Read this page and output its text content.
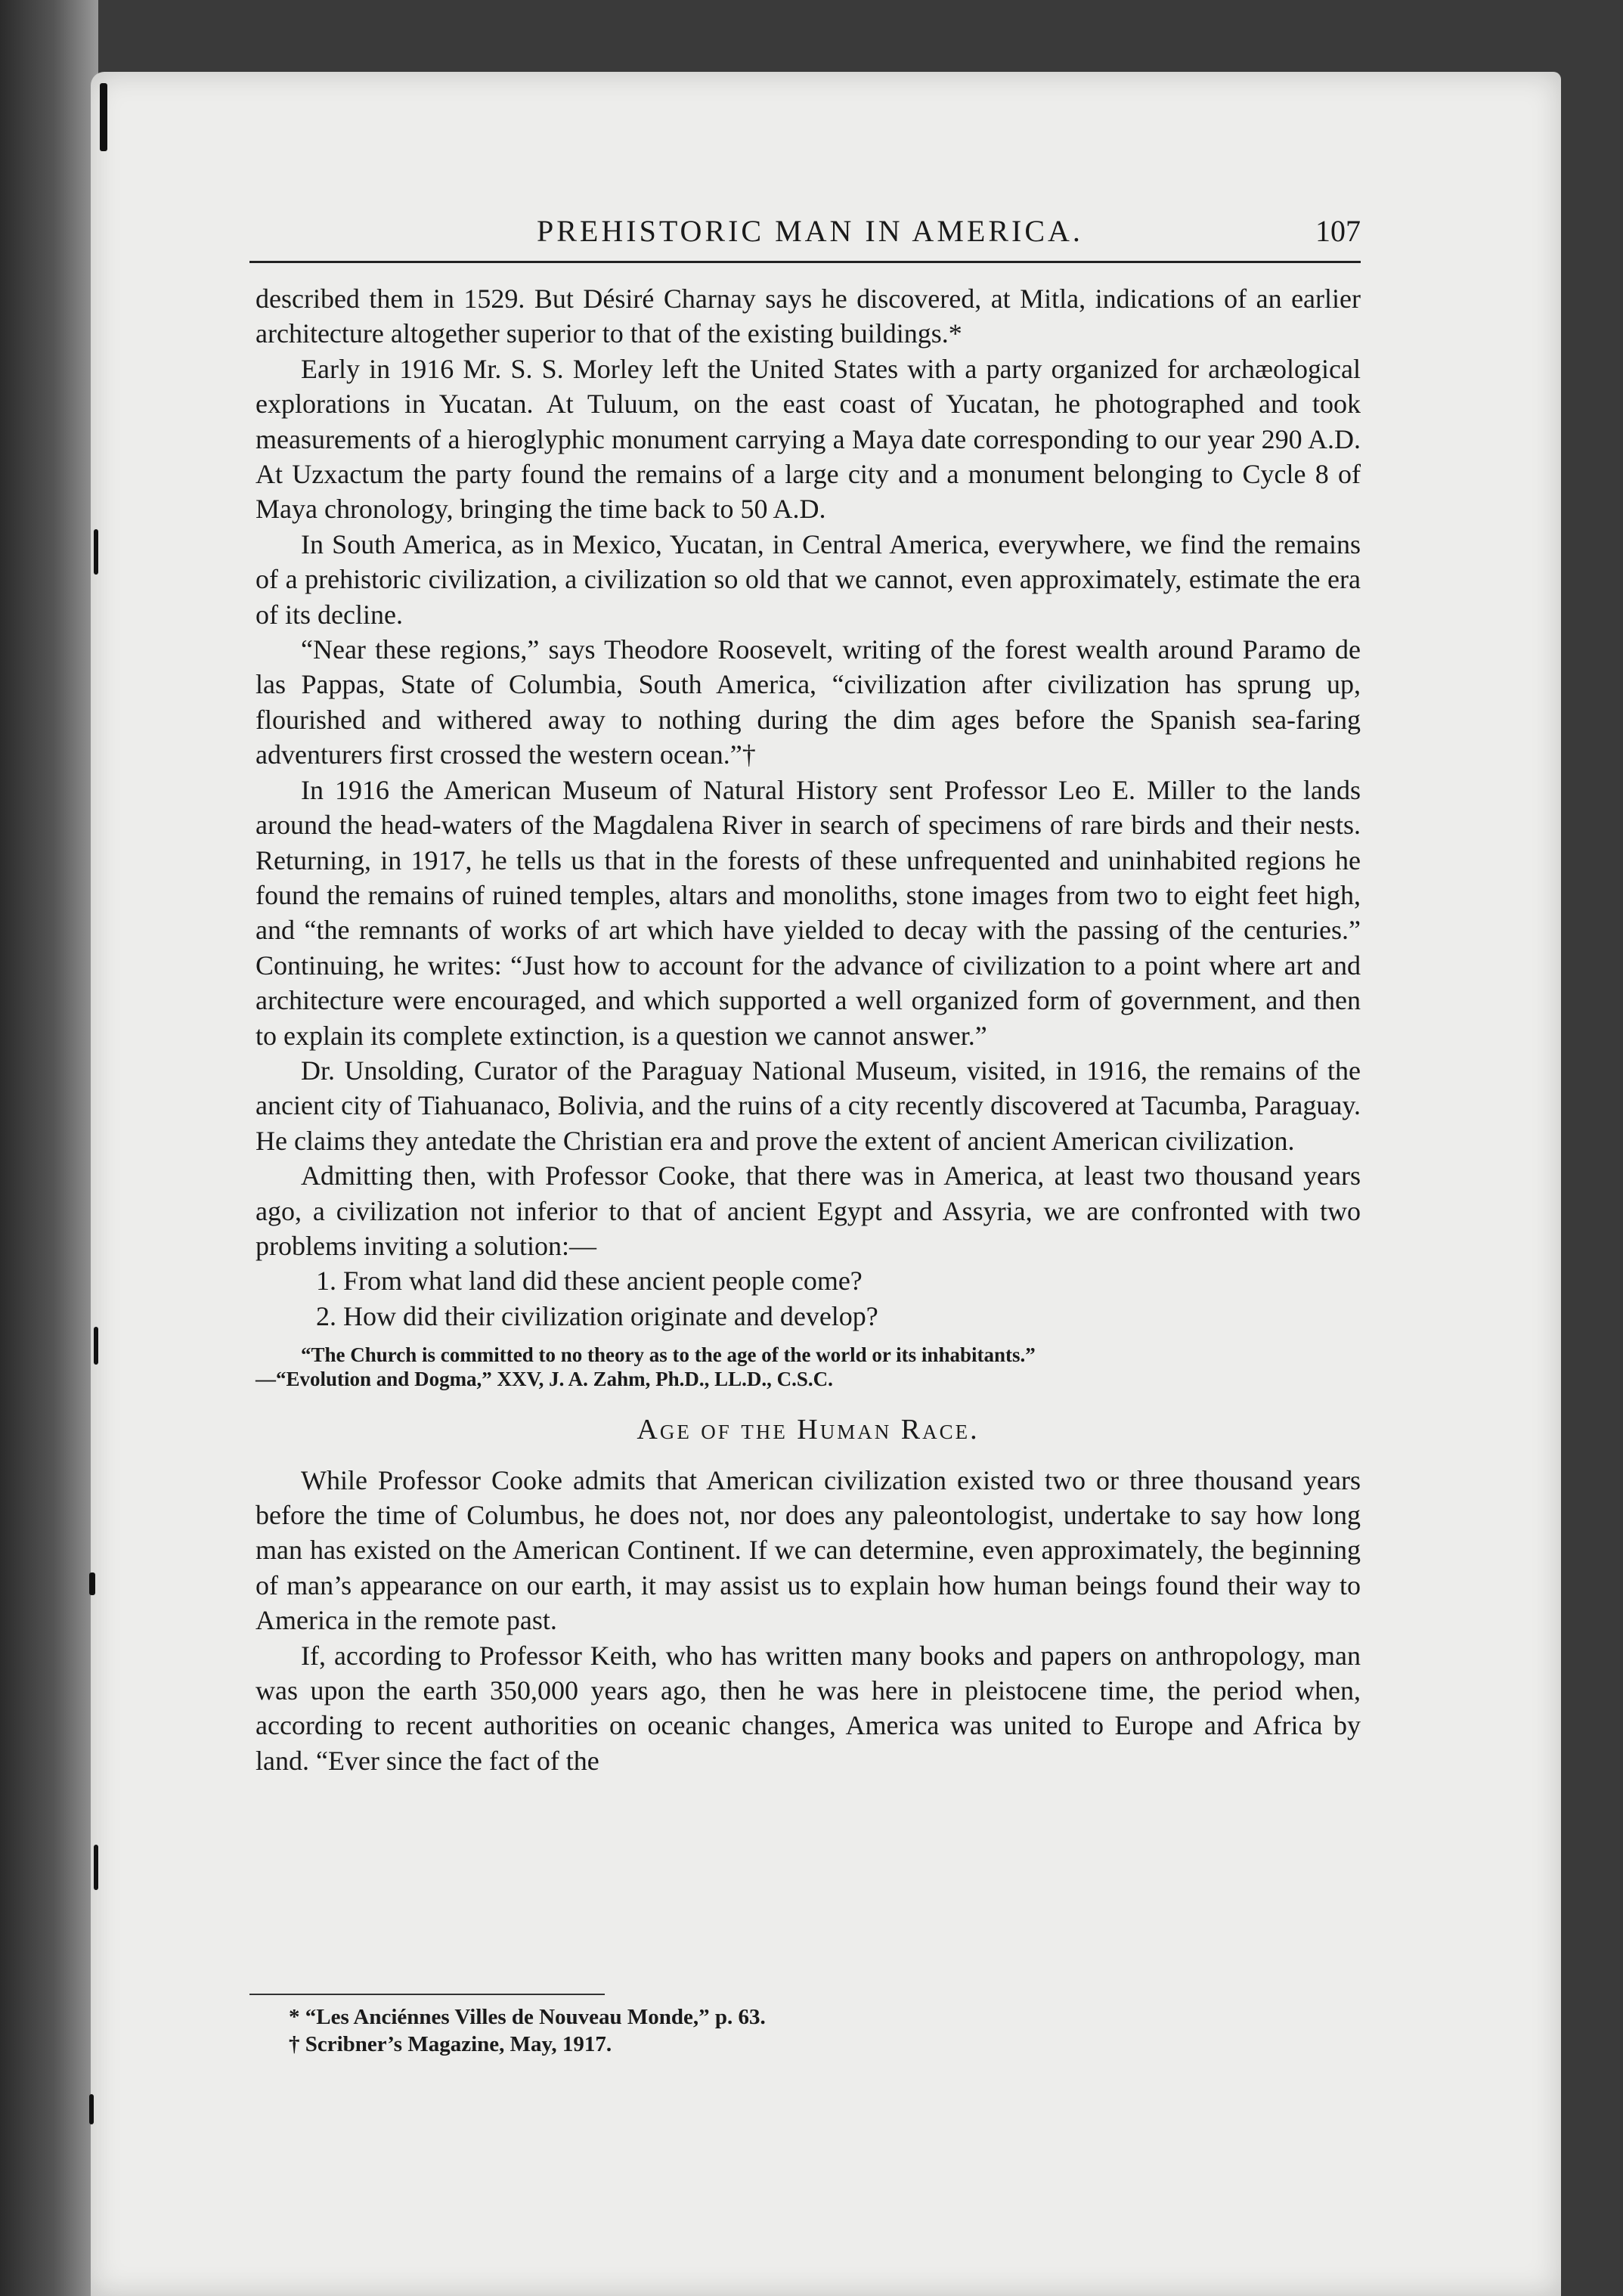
PREHISTORIC MAN IN AMERICA.	107

described them in 1529. But Désiré Charnay says he discovered, at Mitla, indications of an earlier architecture altogether superior to that of the existing buildings.*

Early in 1916 Mr. S. S. Morley left the United States with a party organized for archæological explorations in Yucatan. At Tuluum, on the east coast of Yucatan, he photographed and took measurements of a hieroglyphic monument carrying a Maya date corresponding to our year 290 A.D. At Uzxactum the party found the remains of a large city and a monument belonging to Cycle 8 of Maya chronology, bringing the time back to 50 A.D.

In South America, as in Mexico, Yucatan, in Central America, everywhere, we find the remains of a prehistoric civilization, a civilization so old that we cannot, even approximately, estimate the era of its decline.

“Near these regions,” says Theodore Roosevelt, writing of the forest wealth around Paramo de las Pappas, State of Columbia, South America, “civilization after civilization has sprung up, flourished and withered away to nothing during the dim ages before the Spanish sea-faring adventurers first crossed the western ocean.”†

In 1916 the American Museum of Natural History sent Professor Leo E. Miller to the lands around the head-waters of the Magdalena River in search of specimens of rare birds and their nests. Returning, in 1917, he tells us that in the forests of these unfrequented and uninhabited regions he found the remains of ruined temples, altars and monoliths, stone images from two to eight feet high, and “the remnants of works of art which have yielded to decay with the passing of the centuries.” Continuing, he writes: “Just how to account for the advance of civilization to a point where art and architecture were encouraged, and which supported a well organized form of government, and then to explain its complete extinction, is a question we cannot answer.”

Dr. Unsolding, Curator of the Paraguay National Museum, visited, in 1916, the remains of the ancient city of Tiahuanaco, Bolivia, and the ruins of a city recently discovered at Tacumba, Paraguay. He claims they antedate the Christian era and prove the extent of ancient American civilization.

Admitting then, with Professor Cooke, that there was in America, at least two thousand years ago, a civilization not inferior to that of ancient Egypt and Assyria, we are confronted with two problems inviting a solution:—

1. From what land did these ancient people come?
2. How did their civilization originate and develop?
“The Church is committed to no theory as to the age of the world or its inhabitants.”
—“Evolution and Dogma,” XXV, J. A. Zahm, Ph.D., LL.D., C.S.C.
Age of the Human Race.

While Professor Cooke admits that American civilization existed two or three thousand years before the time of Columbus, he does not, nor does any paleontologist, undertake to say how long man has existed on the American Continent. If we can determine, even approximately, the beginning of man’s appearance on our earth, it may assist us to explain how human beings found their way to America in the remote past.

If, according to Professor Keith, who has written many books and papers on anthropology, man was upon the earth 350,000 years ago, then he was here in pleistocene time, the period when, according to recent authorities on oceanic changes, America was united to Europe and Africa by land. “Ever since the fact of the

* “Les Anciénnes Villes de Nouveau Monde,” p. 63.
† Scribner’s Magazine, May, 1917.
